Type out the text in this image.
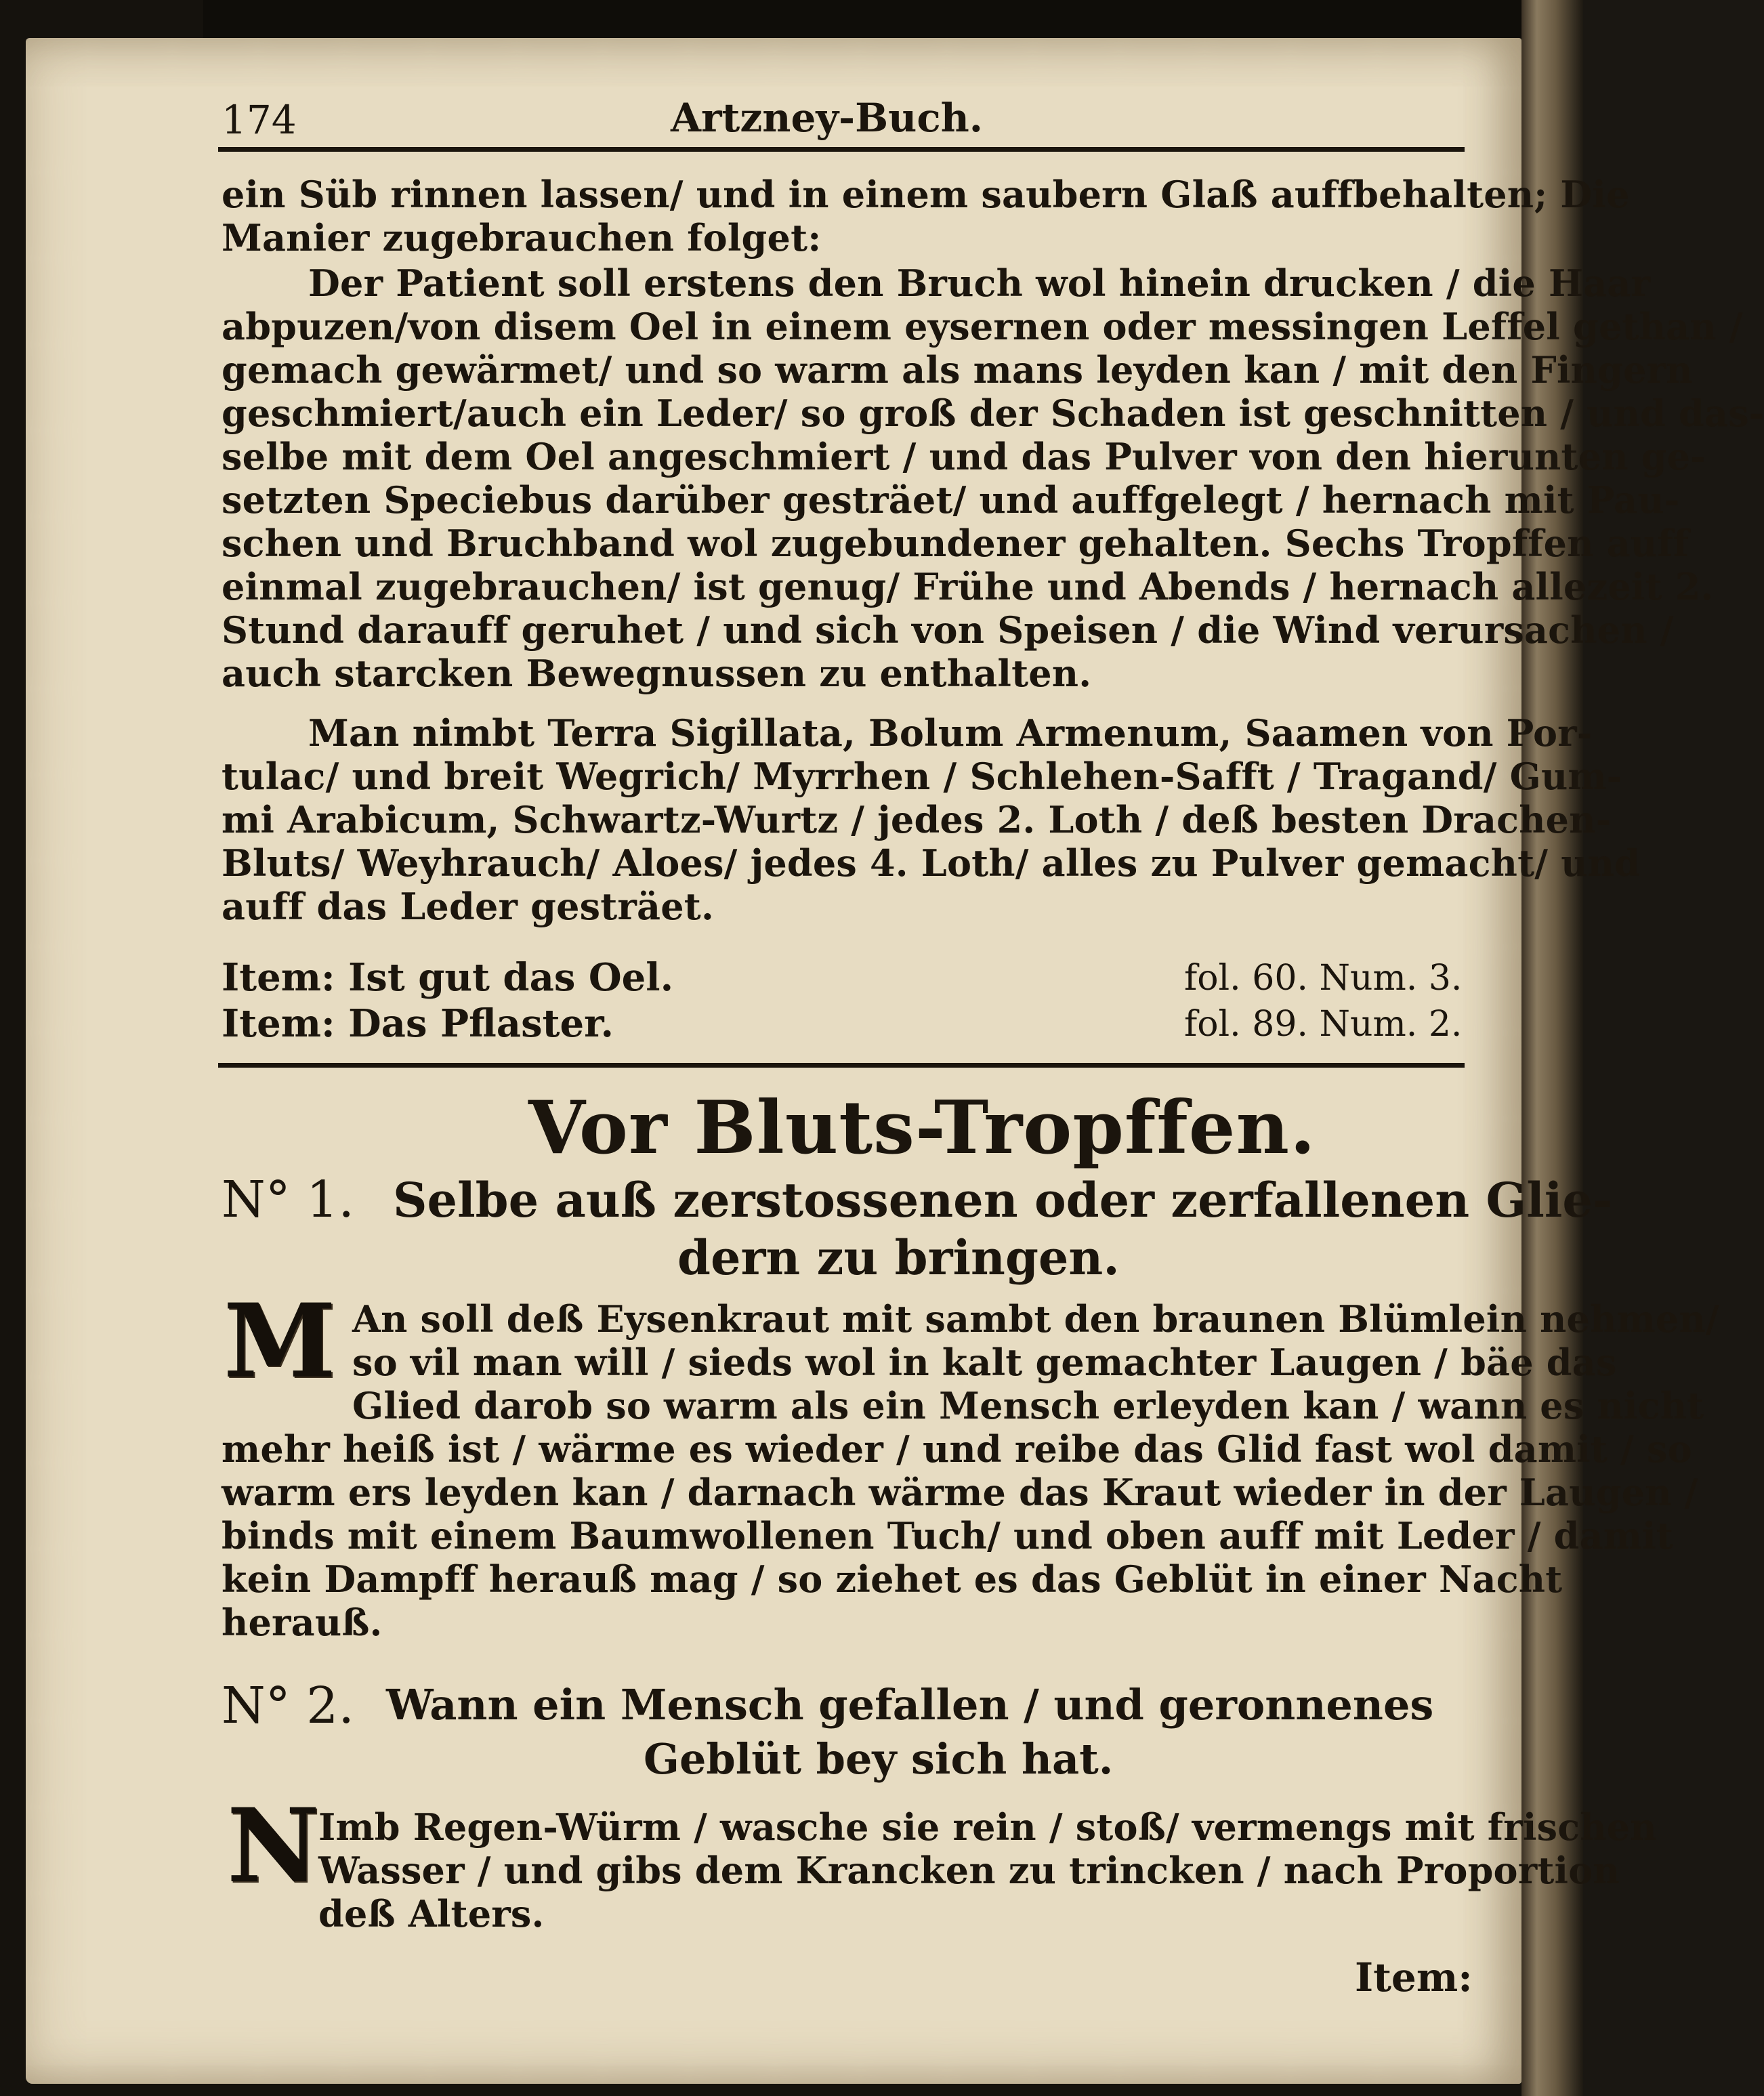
174	Artzney-Buch.
ein Süb rinnen lassen/ und in einem saubern Glaß auffbehalten; Die
Manier zugebrauchen folget:
Der Patient soll erstens den Bruch wol hinein drucken / die Haar
abpuzen/von disem Oel in einem eysernen oder messingen Leffel gethan /
gemach gewärmet/ und so warm als mans leyden kan / mit den Fingern
geschmiert/auch ein Leder/ so groß der Schaden ist geschnitten / und das-
selbe mit dem Oel angeschmiert / und das Pulver von den hierunten ge-
setzten Speciebus darüber gesträet/ und auffgelegt / hernach mit Pau-
schen und Bruchband wol zugebundener gehalten. Sechs Tropffen auff
einmal zugebrauchen/ ist genug/ Frühe und Abends / hernach allezeit 2.
Stund darauff geruhet / und sich von Speisen / die Wind verursachen /
auch starcken Bewegnussen zu enthalten.
Man nimbt Terra Sigillata, Bolum Armenum, Saamen von Por-
tulac/ und breit Wegrich/ Myrrhen / Schlehen-Safft / Tragand/ Gum-
mi Arabicum, Schwartz-Wurtz / jedes 2. Loth / deß besten Drachen-
Bluts/ Weyhrauch/ Aloes/ jedes 4. Loth/ alles zu Pulver gemacht/ und
auff das Leder gesträet.
Item: Ist gut das Oel.	fol. 60. Num. 3.
Item: Das Pflaster.	fol. 89. Num. 2.
Vor Bluts-Tropffen.
N° 1. Selbe auß zerstossenen oder zerfallenen Glie-
dern zu bringen.
M An soll deß Eysenkraut mit sambt den braunen Blümlein nehmen/
so vil man will / sieds wol in kalt gemachter Laugen / bäe das
Glied darob so warm als ein Mensch erleyden kan / wann es nicht
mehr heiß ist / wärme es wieder / und reibe das Glid fast wol damit / so
warm ers leyden kan / darnach wärme das Kraut wieder in der Laugen /
binds mit einem Baumwollenen Tuch/ und oben auff mit Leder / damit
kein Dampff herauß mag / so ziehet es das Geblüt in einer Nacht
herauß.
N° 2. Wann ein Mensch gefallen / und geronnenes
Geblüt bey sich hat.
N
Imb Regen-Würm / wasche sie rein / stoß/ vermengs mit frischen
Wasser / und gibs dem Krancken zu trincken / nach Proportion
deß Alters.
Item:
